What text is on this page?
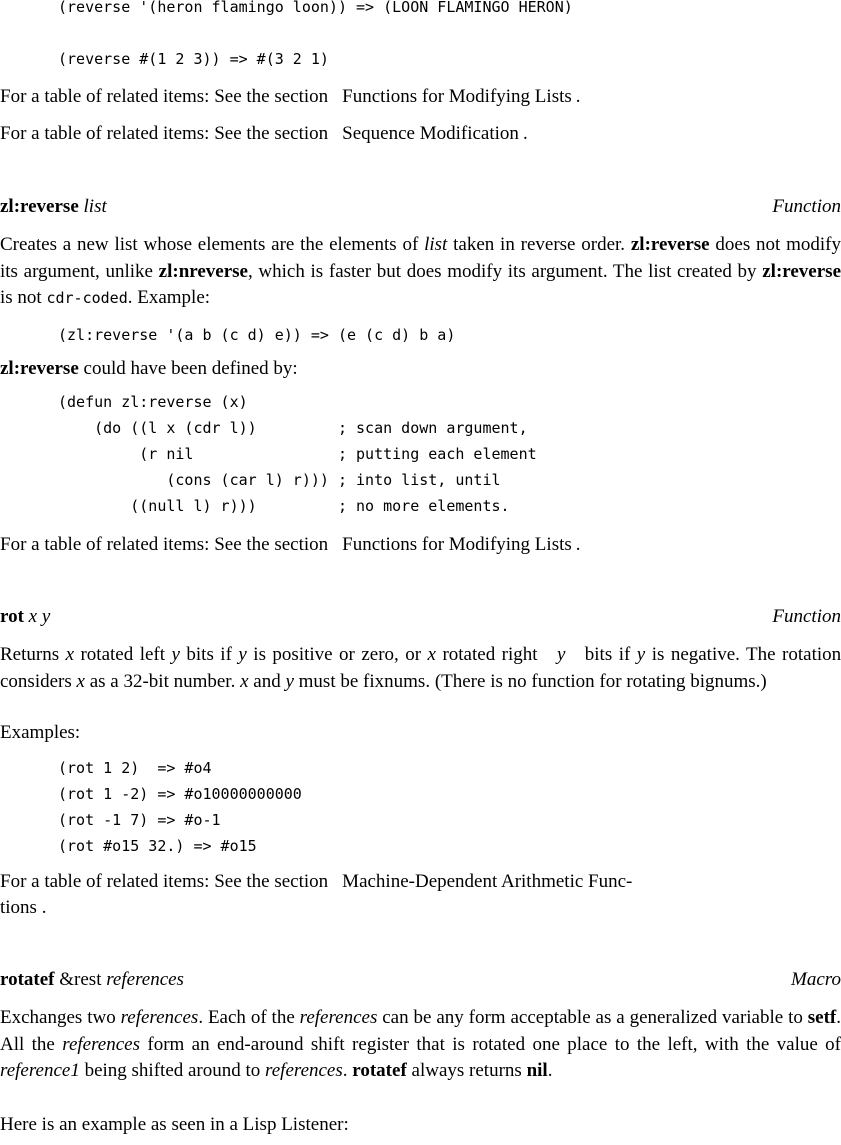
(reverse '(heron flamingo loon)) => (LOON FLAMINGO HERON)
(reverse #(1 2 3)) => #(3 2 1)
For a table of related items: See the section Functions for Modifying Lists .
For a table of related items: See the section Sequence Modification .
zl:reverse list	Function
Creates a new list whose elements are the elements of list taken in reverse order. zl:reverse does not modify its argument, unlike zl:nreverse, which is faster but does modify its argument. The list created by zl:reverse is not cdr-coded. Example:
(zl:reverse '(a b (c d) e)) => (e (c d) b a)
zl:reverse could have been defined by:
(defun zl:reverse (x)
(do ((l x (cdr l))         ; scan down argument,
(r nil                ; putting each element
(cons (car l) r))) ; into list, until
((null l) r)))         ; no more elements.
For a table of related items: See the section Functions for Modifying Lists .
rot x y	Function
Returns x rotated left y bits if y is positive or zero, or x rotated right y bits if y is negative. The rotation considers x as a 32-bit number. x and y must be fixnums. (There is no function for rotating bignums.)
Examples:
(rot 1 2)  => #o4
(rot 1 -2) => #o10000000000
(rot -1 7) => #o-1
(rot #o15 32.) => #o15
For a table of related items: See the section Machine-Dependent Arithmetic Func-
tions .
rotatef &rest references	Macro
Exchanges two references. Each of the references can be any form acceptable as a generalized variable to setf. All the references form an end-around shift register that is rotated one place to the left, with the value of reference1 being shifted around to references. rotatef always returns nil.
Here is an example as seen in a Lisp Listener:
